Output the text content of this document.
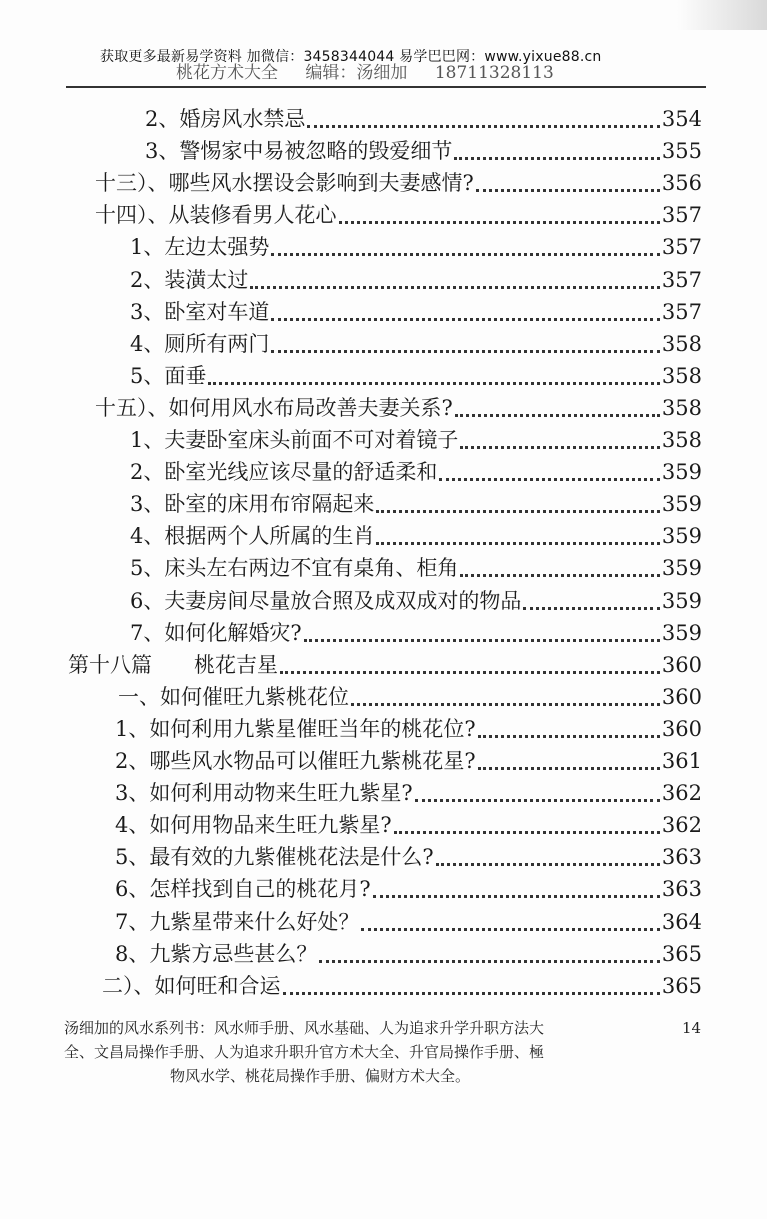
桃花方术大全 编辑：汤细加 18711328113
获取更多最新易学资料 加微信：3458344044 易学巴巴网：www.yixue88.cn
2、婚房风水禁忌	354
3、警惕家中易被忽略的毁爱细节	355
十三）、哪些风水摆设会影响到夫妻感情?	356
十四）、从装修看男人花心	357
1、左边太强势	357
2、装潢太过	357
3、卧室对车道	357
4、厕所有两门	358
5、面垂	358
十五）、如何用风水布局改善夫妻关系?	358
1、夫妻卧室床头前面不可对着镜子	358
2、卧室光线应该尽量的舒适柔和	359
3、卧室的床用布帘隔起来	359
4、根据两个人所属的生肖	359
5、床头左右两边不宜有桌角、柜角	359
6、夫妻房间尽量放合照及成双成对的物品	359
7、如何化解婚灾?	359
第十八篇　　桃花吉星	360
一、如何催旺九紫桃花位	360
1、如何利用九紫星催旺当年的桃花位?	360
2、哪些风水物品可以催旺九紫桃花星?	361
3、如何利用动物来生旺九紫星?	362
4、如何用物品来生旺九紫星?	362
5、最有效的九紫催桃花法是什么?	363
6、怎样找到自己的桃花月?	363
7、九紫星带来什么好处？	364
8、九紫方忌些甚么？	365
二）、如何旺和合运	365
汤细加的风水系列书：风水师手册、风水基础、人为追求升学升职方法大	14
全、文昌局操作手册、人为追求升职升官方术大全、升官局操作手册、極
物风水学、桃花局操作手册、偏财方术大全。
